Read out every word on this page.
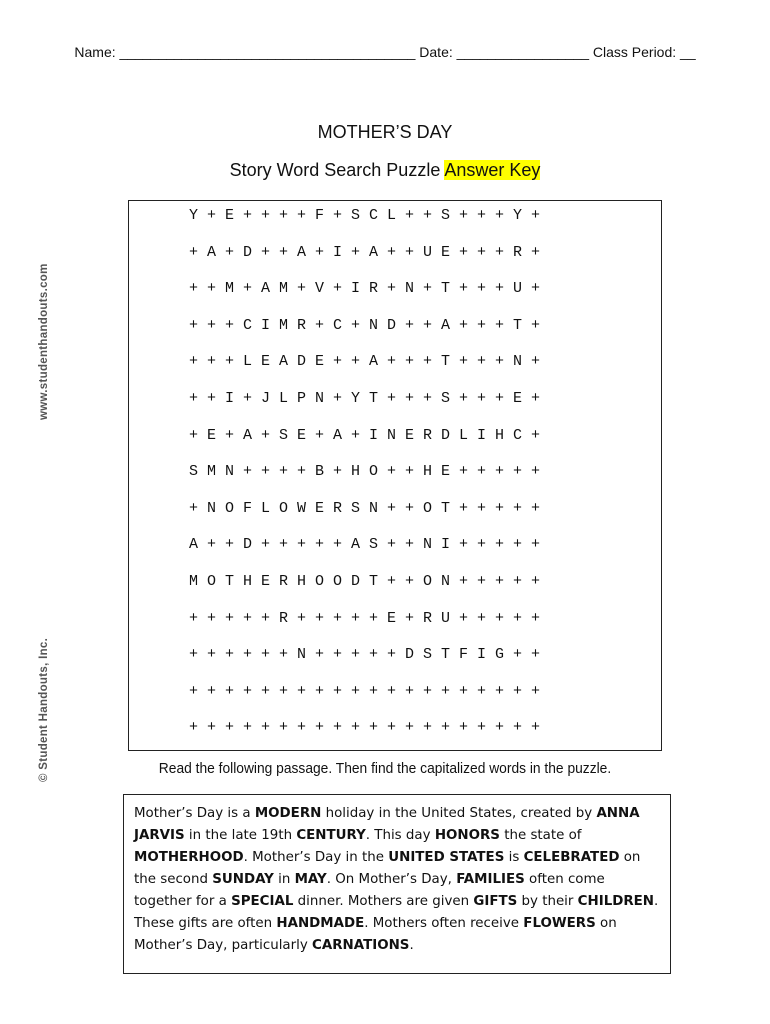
Name: ______________________________________ Date: _________________ Class Period: __
www.studenthandouts.com
© Student Handouts, Inc.
MOTHER’S DAY
Story Word Search Puzzle Answer Key
Y + E + + + + F + S C L + + S + + + Y +
+ A + D + + A + I + A + + U E + + + R +
+ + M + A M + V + I R + N + T + + + U +
+ + + C I M R + C + N D + + A + + + T +
+ + + L E A D E + + A + + + T + + + N +
+ + I + J L P N + Y T + + + S + + + E +
+ E + A + S E + A + I N E R D L I H C +
S M N + + + + B + H O + + H E + + + + +
+ N O F L O W E R S N + + O T + + + + +
A + + D + + + + + A S + + N I + + + + +
M O T H E R H O O D T + + O N + + + + +
+ + + + + R + + + + + E + R U + + + + +
+ + + + + + N + + + + + D S T F I G + +
+ + + + + + + + + + + + + + + + + + + +
+ + + + + + + + + + + + + + + + + + + +
Read the following passage. Then find the capitalized words in the puzzle.
Mother’s Day is a MODERN holiday in the United States, created by ANNA JARVIS in the late 19th CENTURY. This day HONORS the state of MOTHERHOOD. Mother’s Day in the UNITED STATES is CELEBRATED on the second SUNDAY in MAY. On Mother’s Day, FAMILIES often come together for a SPECIAL dinner. Mothers are given GIFTS by their CHILDREN. These gifts are often HANDMADE. Mothers often receive FLOWERS on Mother’s Day, particularly CARNATIONS.
